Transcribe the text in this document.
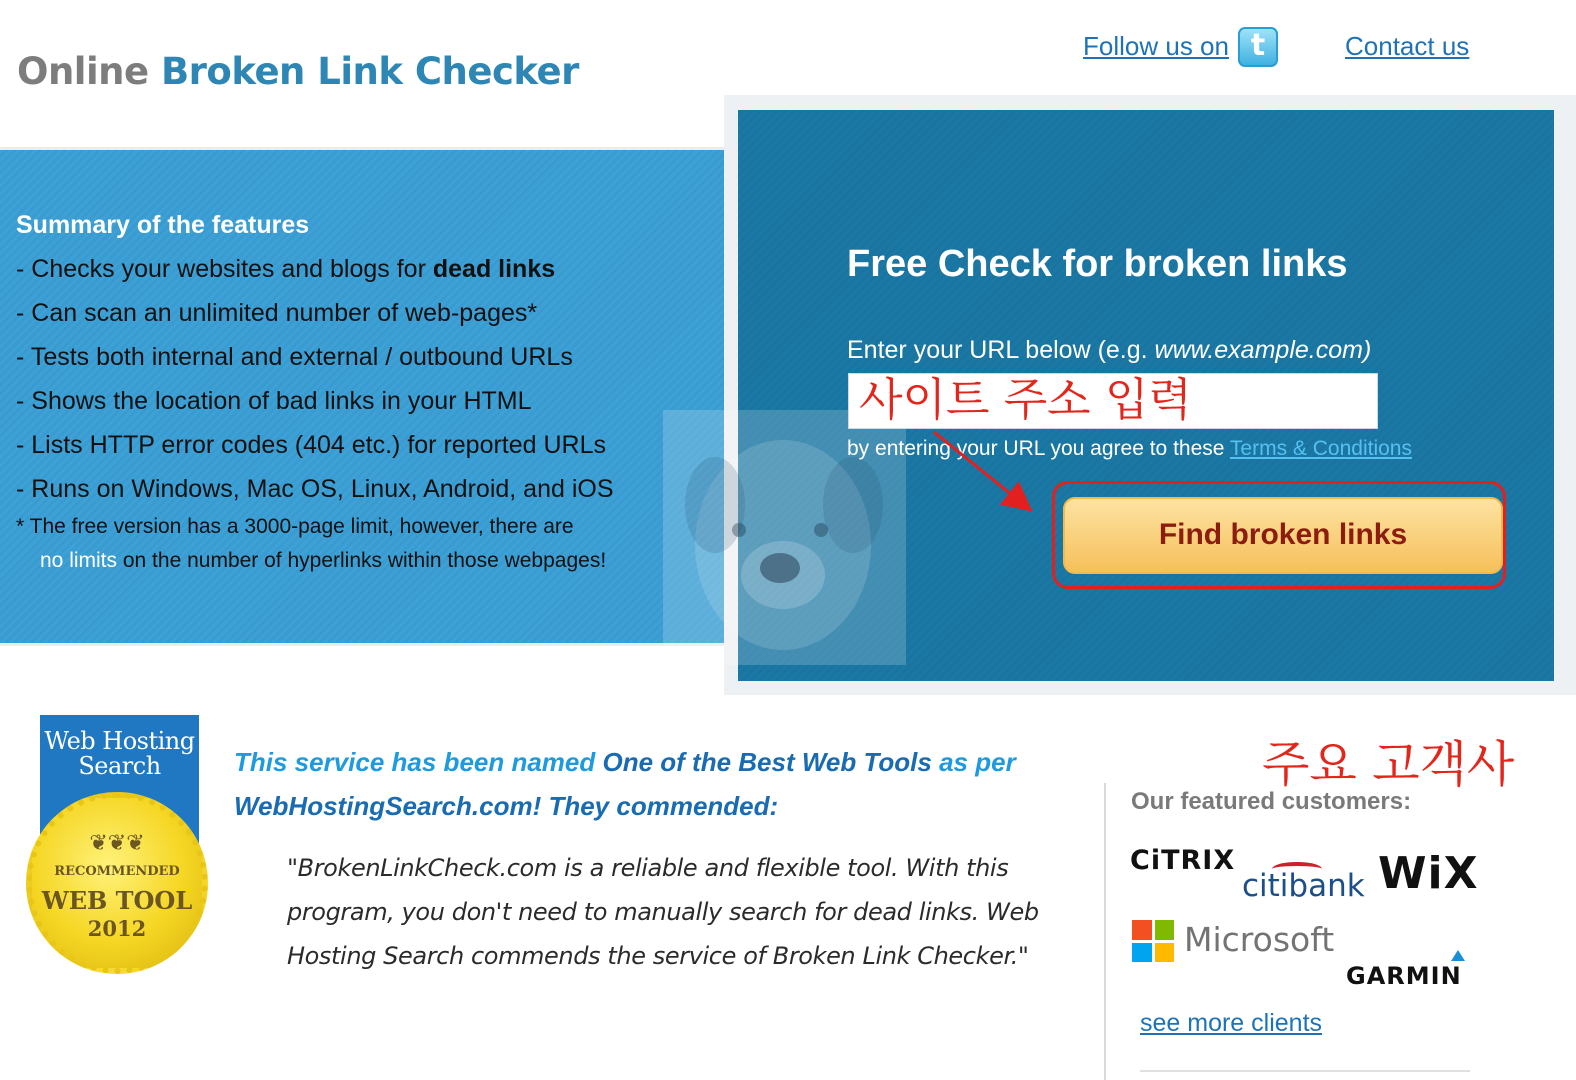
Online Broken Link Checker
Follow us on t	Contact us
Summary of the features
- Checks your websites and blogs for dead links
- Can scan an unlimited number of web-pages*
- Tests both internal and external / outbound URLs
- Shows the location of bad links in your HTML
- Lists HTTP error codes (404 etc.) for reported URLs
- Runs on Windows, Mac OS, Linux, Android, and iOS
* The free version has a 3000-page limit, however, there are
no limits on the number of hyperlinks within those webpages!
Free Check for broken links
Enter your URL below (e.g. www.example.com)
사이트 주소 입력
by entering your URL you agree to these Terms & Conditions
Find broken links
Web Hosting
Search
❦❦❦
RECOMMENDED
WEB TOOL
2012
This service has been named One of the Best Web Tools as per WebHostingSearch.com! They commended:
"BrokenLinkCheck.com is a reliable and flexible tool. With this program, you don't need to manually search for dead links. Web Hosting Search commends the service of Broken Link Checker."
주요 고객사
Our featured customers:
CiTRIX
citibank WiX
Microsoft
GARMIN
see more clients
